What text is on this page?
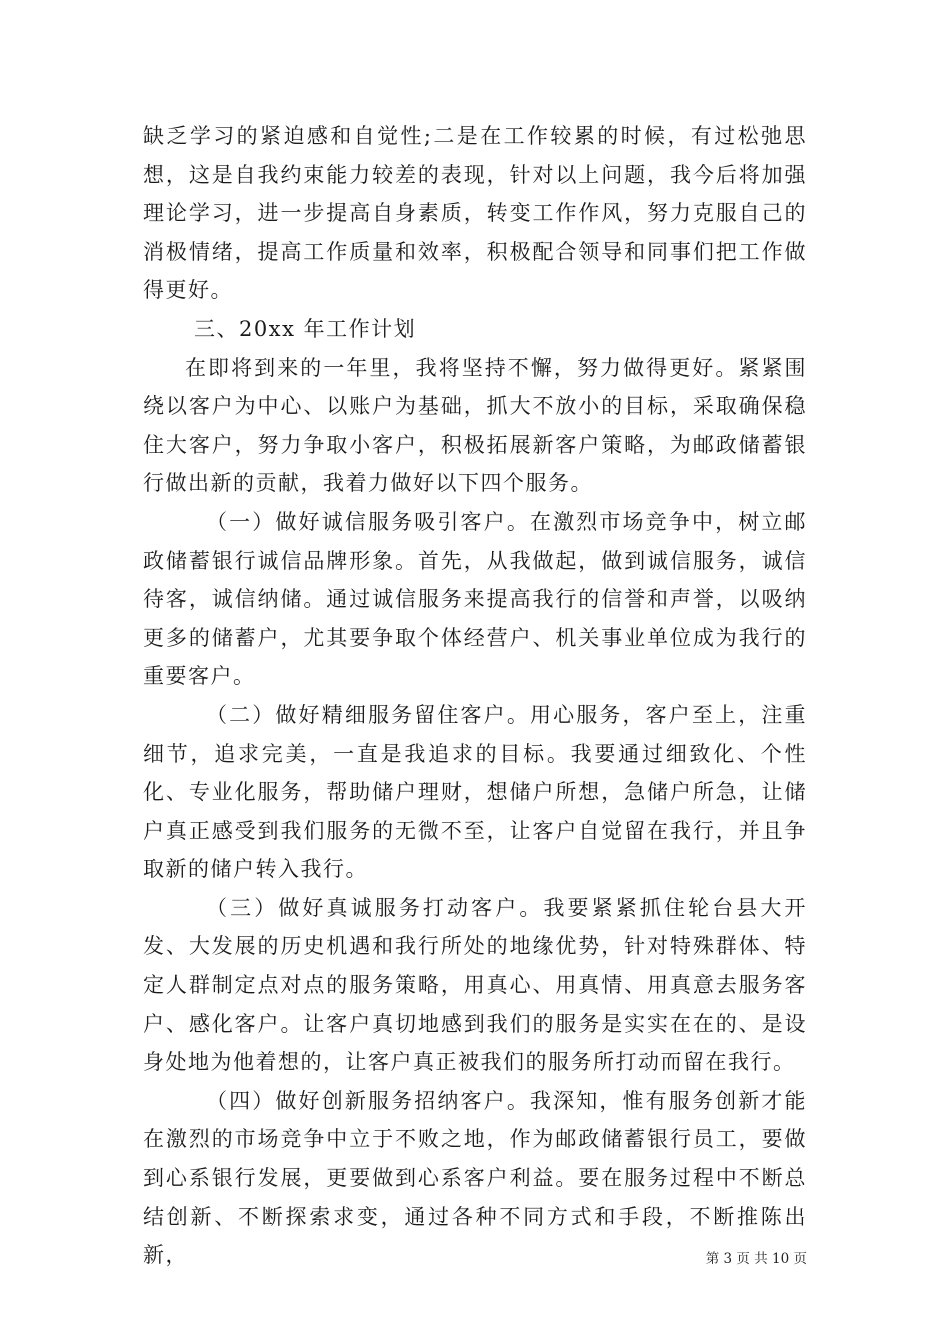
缺乏学习的紧迫感和自觉性;二是在工作较累的时候，有过松弛思想，这是自我约束能力较差的表现，针对以上问题，我今后将加强理论学习，进一步提高自身素质，转变工作作风，努力克服自己的消极情绪，提高工作质量和效率，积极配合领导和同事们把工作做得更好。

三、20xx 年工作计划

在即将到来的一年里，我将坚持不懈，努力做得更好。紧紧围绕以客户为中心、以账户为基础，抓大不放小的目标，采取确保稳住大客户，努力争取小客户，积极拓展新客户策略，为邮政储蓄银行做出新的贡献，我着力做好以下四个服务。

（一）做好诚信服务吸引客户。在激烈市场竞争中，树立邮政储蓄银行诚信品牌形象。首先，从我做起，做到诚信服务，诚信待客，诚信纳储。通过诚信服务来提高我行的信誉和声誉，以吸纳更多的储蓄户，尤其要争取个体经营户、机关事业单位成为我行的重要客户。

（二）做好精细服务留住客户。用心服务，客户至上，注重细节，追求完美，一直是我追求的目标。我要通过细致化、个性化、专业化服务，帮助储户理财，想储户所想，急储户所急，让储户真正感受到我们服务的无微不至，让客户自觉留在我行，并且争取新的储户转入我行。

（三）做好真诚服务打动客户。我要紧紧抓住轮台县大开发、大发展的历史机遇和我行所处的地缘优势，针对特殊群体、特定人群制定点对点的服务策略，用真心、用真情、用真意去服务客户、感化客户。让客户真切地感到我们的服务是实实在在的、是设身处地为他着想的，让客户真正被我们的服务所打动而留在我行。

（四）做好创新服务招纳客户。我深知，惟有服务创新才能在激烈的市场竞争中立于不败之地，作为邮政储蓄银行员工，要做到心系银行发展，更要做到心系客户利益。要在服务过程中不断总结创新、不断探索求变，通过各种不同方式和手段，不断推陈出新，	第 3 页 共 10 页
